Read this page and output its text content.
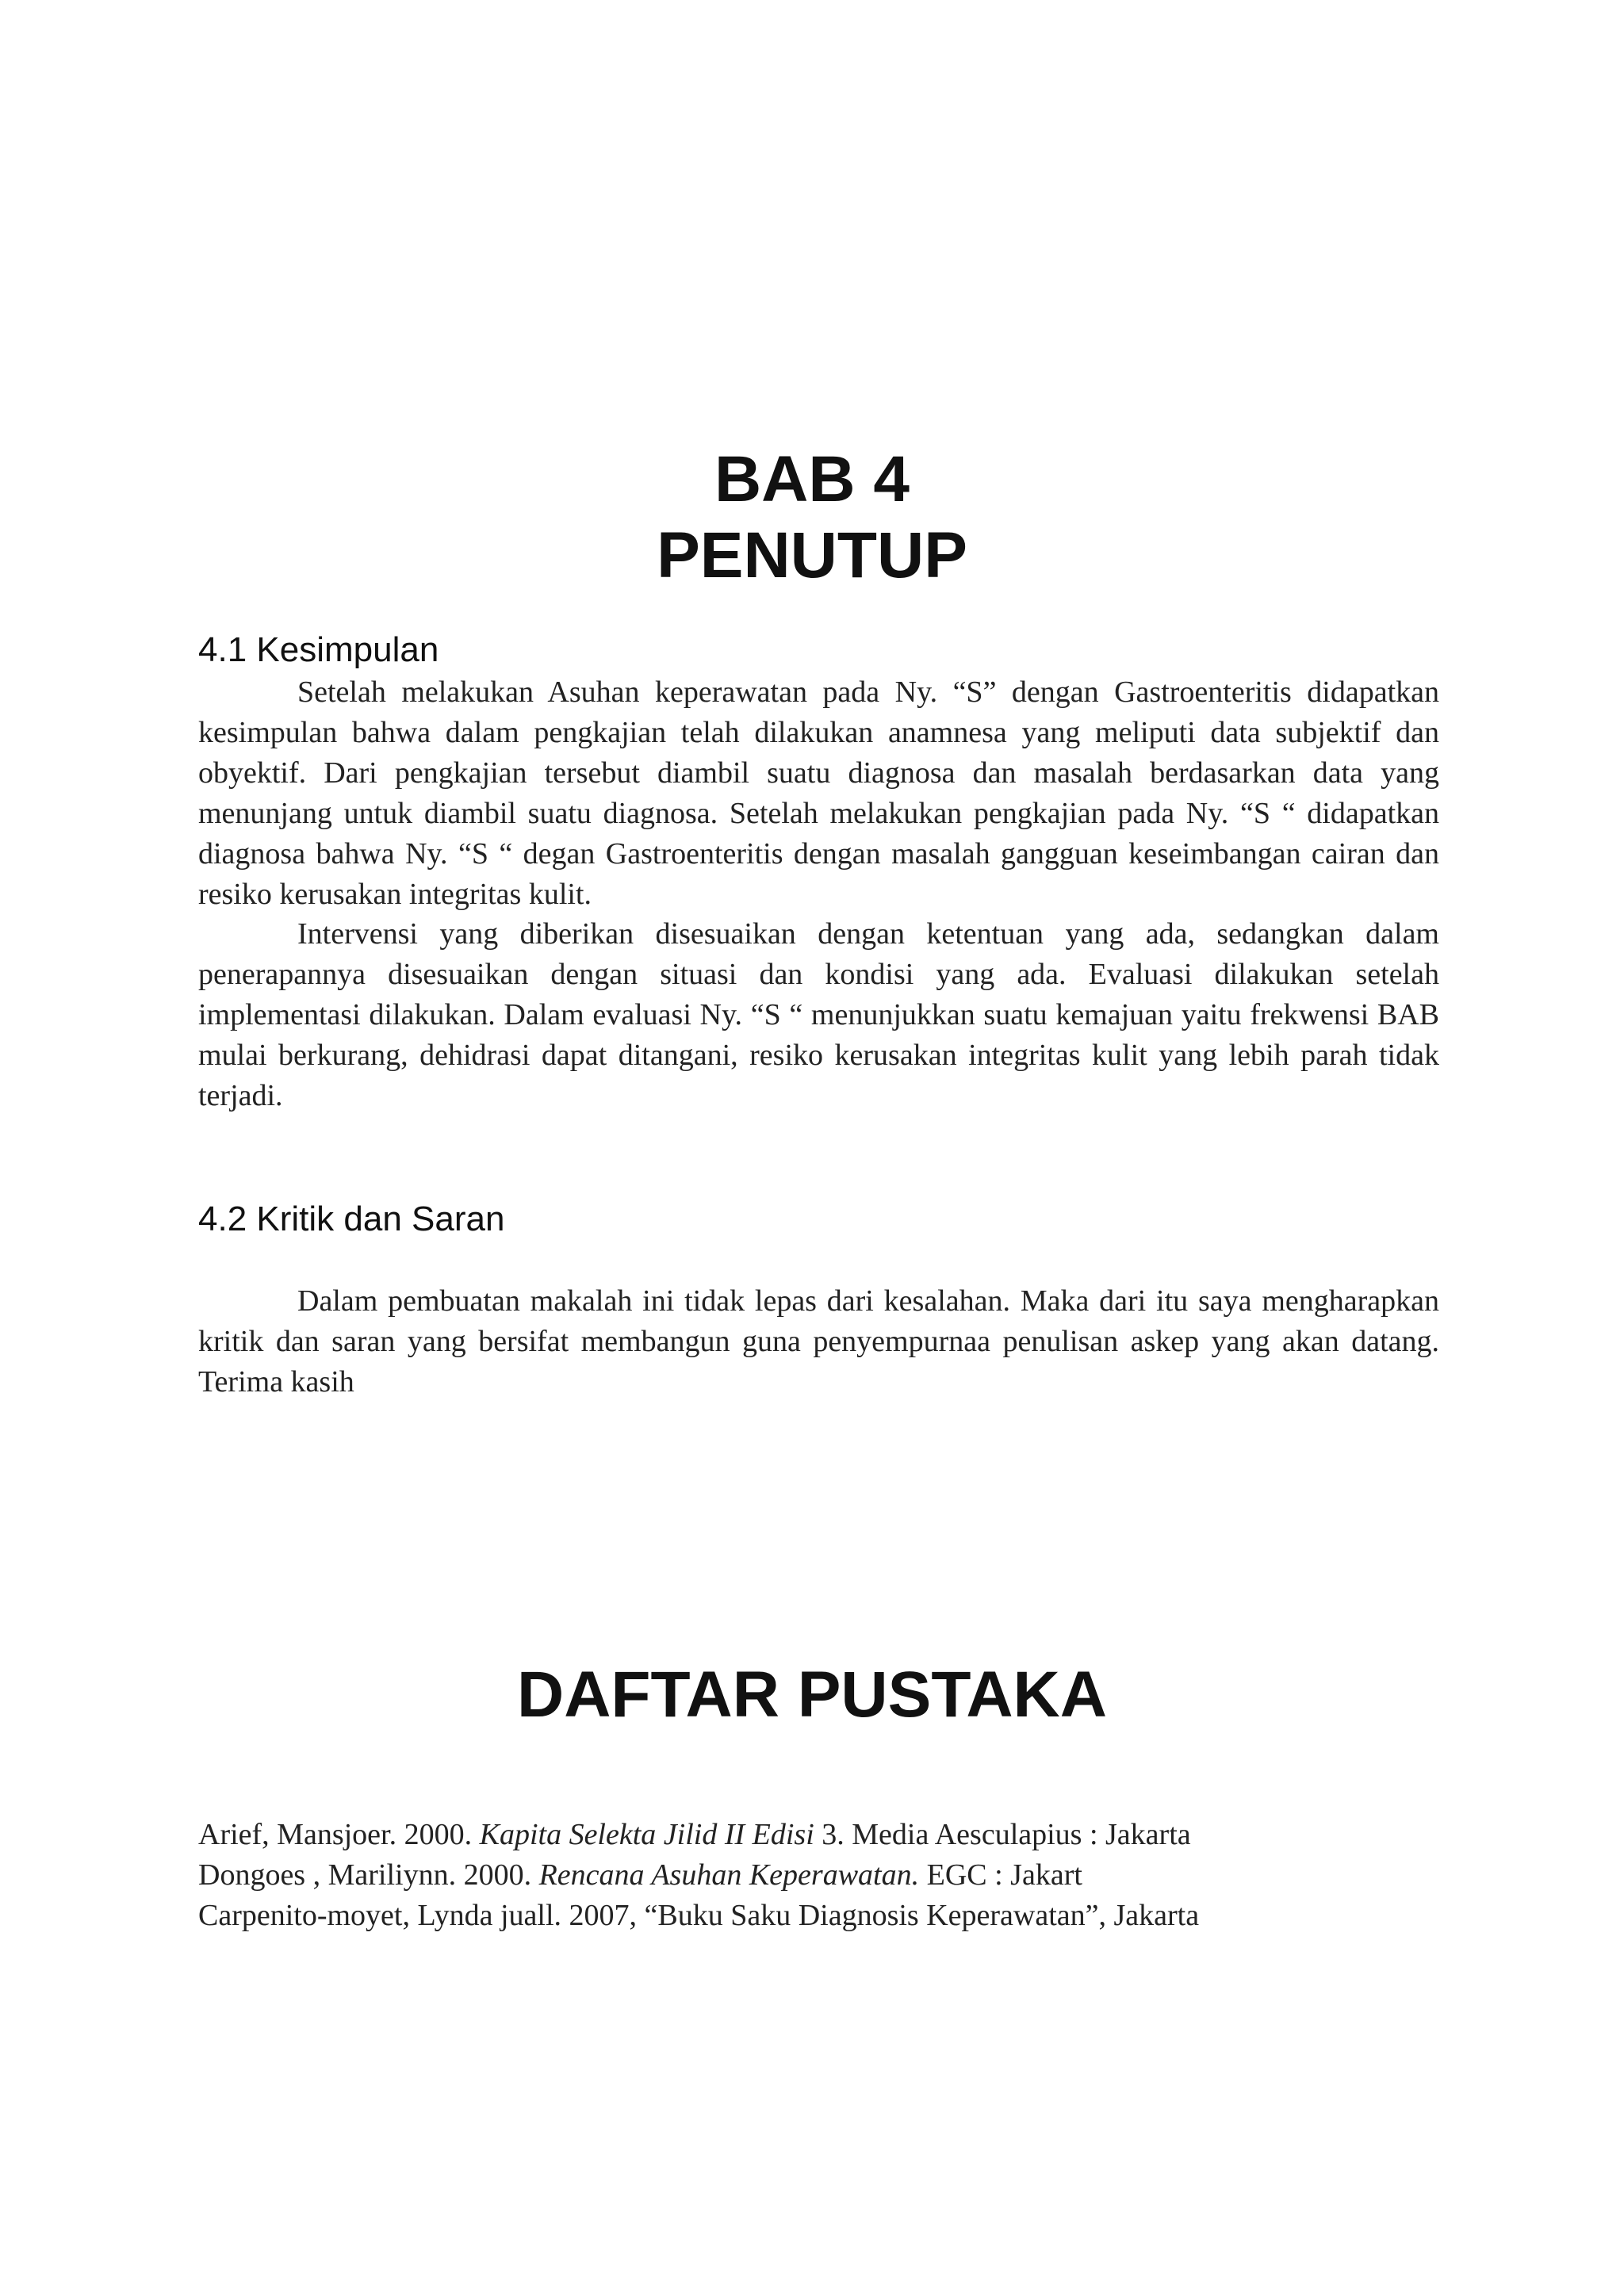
BAB 4
PENUTUP
4.1 Kesimpulan

Setelah melakukan Asuhan keperawatan pada Ny. “S” dengan Gastroenteritis didapatkan kesimpulan bahwa dalam pengkajian telah dilakukan anamnesa yang meliputi data subjektif dan obyektif. Dari pengkajian tersebut diambil suatu diagnosa dan masalah berdasarkan data yang menunjang untuk diambil suatu diagnosa. Setelah melakukan pengkajian pada Ny. “S “ didapatkan diagnosa bahwa Ny. “S “ degan Gastroenteritis dengan masalah gangguan keseimbangan cairan dan resiko kerusakan integritas kulit.

Intervensi yang diberikan disesuaikan dengan ketentuan yang ada, sedangkan dalam penerapannya disesuaikan dengan situasi dan kondisi yang ada. Evaluasi dilakukan setelah implementasi dilakukan. Dalam evaluasi Ny. “S “ menunjukkan suatu kemajuan yaitu frekwensi BAB mulai berkurang, dehidrasi dapat ditangani, resiko kerusakan integritas kulit yang lebih parah tidak terjadi.

4.2 Kritik dan Saran

Dalam pembuatan makalah ini tidak lepas dari kesalahan. Maka dari itu saya mengharapkan kritik dan saran yang bersifat membangun guna penyempurnaa penulisan askep yang akan datang. Terima kasih

DAFTAR PUSTAKA
Arief, Mansjoer. 2000. Kapita Selekta Jilid II Edisi 3. Media Aesculapius : Jakarta
Dongoes , Mariliynn. 2000. Rencana Asuhan Keperawatan. EGC : Jakart
Carpenito-moyet, Lynda juall. 2007, “Buku Saku Diagnosis Keperawatan”, Jakarta
